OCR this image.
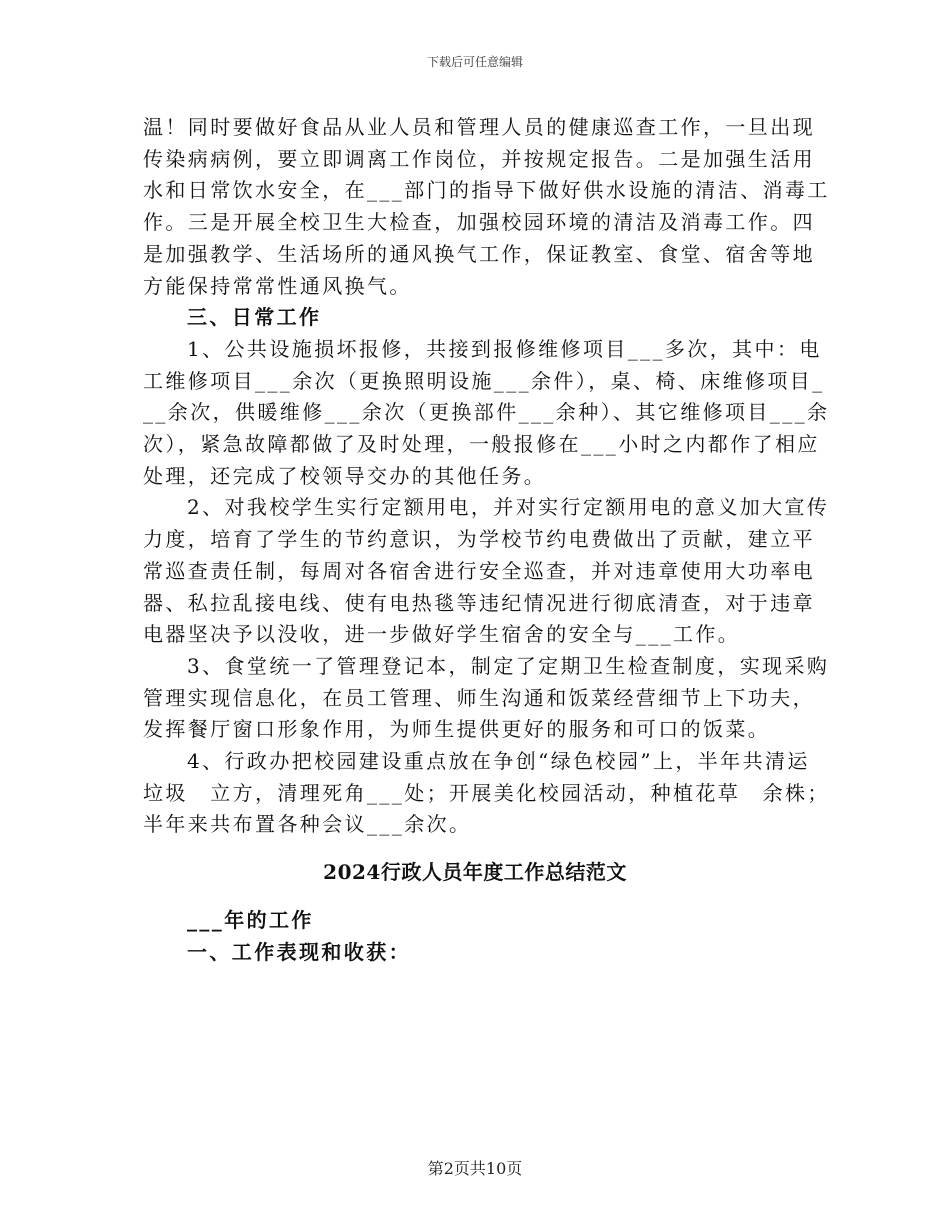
下载后可任意编辑
温！同时要做好食品从业人员和管理人员的健康巡查工作，一旦出现
传染病病例，要立即调离工作岗位，并按规定报告。二是加强生活用
水和日常饮水安全，在___部门的指导下做好供水设施的清洁、消毒工
作。三是开展全校卫生大检查，加强校园环境的清洁及消毒工作。四
是加强教学、生活场所的通风换气工作，保证教室、食堂、宿舍等地
方能保持常常性通风换气。
三、日常工作
1、公共设施损坏报修，共接到报修维修项目___多次，其中：电
工维修项目___余次（更换照明设施___余件），桌、椅、床维修项目_
__余次，供暖维修___余次（更换部件___余种）、其它维修项目___余
次），紧急故障都做了及时处理，一般报修在___小时之内都作了相应
处理，还完成了校领导交办的其他任务。
2、对我校学生实行定额用电，并对实行定额用电的意义加大宣传
力度，培育了学生的节约意识，为学校节约电费做出了贡献，建立平
常巡查责任制，每周对各宿舍进行安全巡查，并对违章使用大功率电
器、私拉乱接电线、使有电热毯等违纪情况进行彻底清查，对于违章
电器坚决予以没收，进一步做好学生宿舍的安全与___工作。
3、食堂统一了管理登记本，制定了定期卫生检查制度，实现采购
管理实现信息化，在员工管理、师生沟通和饭菜经营细节上下功夫，
发挥餐厅窗口形象作用，为师生提供更好的服务和可口的饭菜。
4、行政办把校园建设重点放在争创“绿色校园”上，半年共清运
垃圾　立方，清理死角___处；开展美化校园活动，种植花草　余株；
半年来共布置各种会议___余次。
2024行政人员年度工作总结范文
___年的工作
一、工作表现和收获：
第2页共10页
